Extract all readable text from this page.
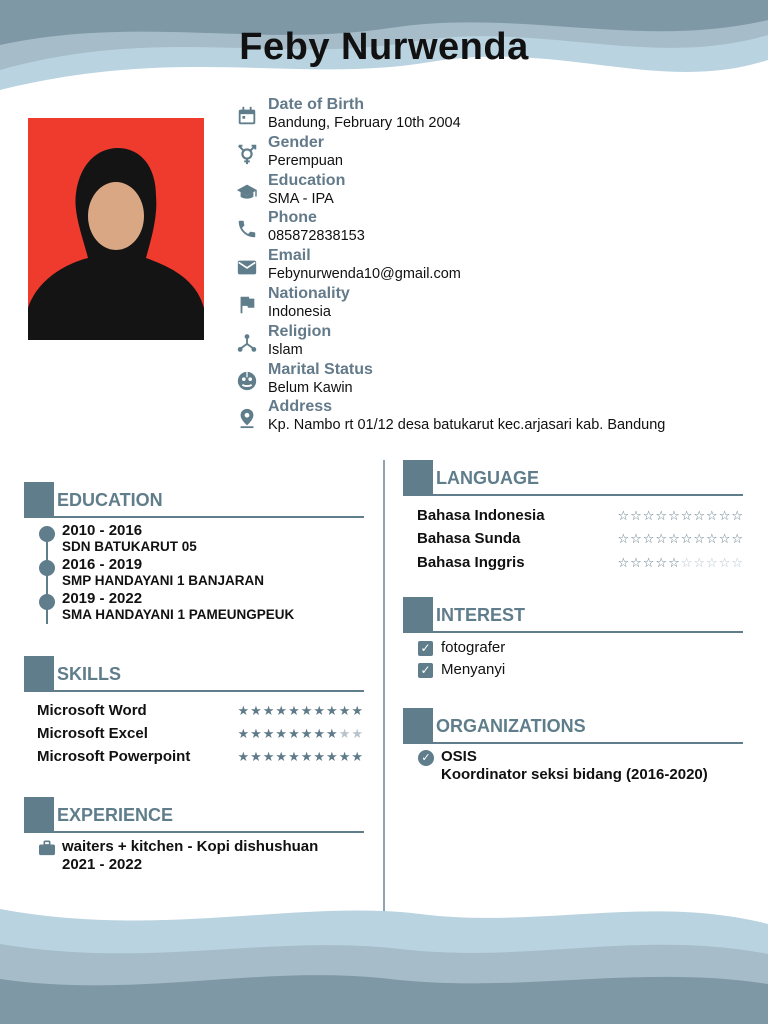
Feby Nurwenda
Date of Birth
Bandung, February 10th 2004
Gender
Perempuan
Education
SMA - IPA
Phone
085872838153
Email
Febynurwenda10@gmail.com
Nationality
Indonesia
Religion
Islam
Marital Status
Belum Kawin
Address
Kp. Nambo rt 01/12 desa batukarut kec.arjasari kab. Bandung
EDUCATION
2010 - 2016
SDN BATUKARUT 05
2016 - 2019
SMP HANDAYANI 1 BANJARAN
2019 - 2022
SMA HANDAYANI 1 PAMEUNGPEUK
SKILLS
Microsoft Word	★★★★★★★★★★
Microsoft Excel	★★★★★★★★★★
Microsoft Powerpoint	★★★★★★★★★★
EXPERIENCE
waiters + kitchen - Kopi dishushuan
2021 - 2022
LANGUAGE
Bahasa Indonesia	☆☆☆☆☆☆☆☆☆☆
Bahasa Sunda	☆☆☆☆☆☆☆☆☆☆
Bahasa Inggris	☆☆☆☆☆☆☆☆☆☆
INTEREST
✓ fotografer
✓ Menyanyi
ORGANIZATIONS
✓ OSIS
Koordinator seksi bidang (2016-2020)
